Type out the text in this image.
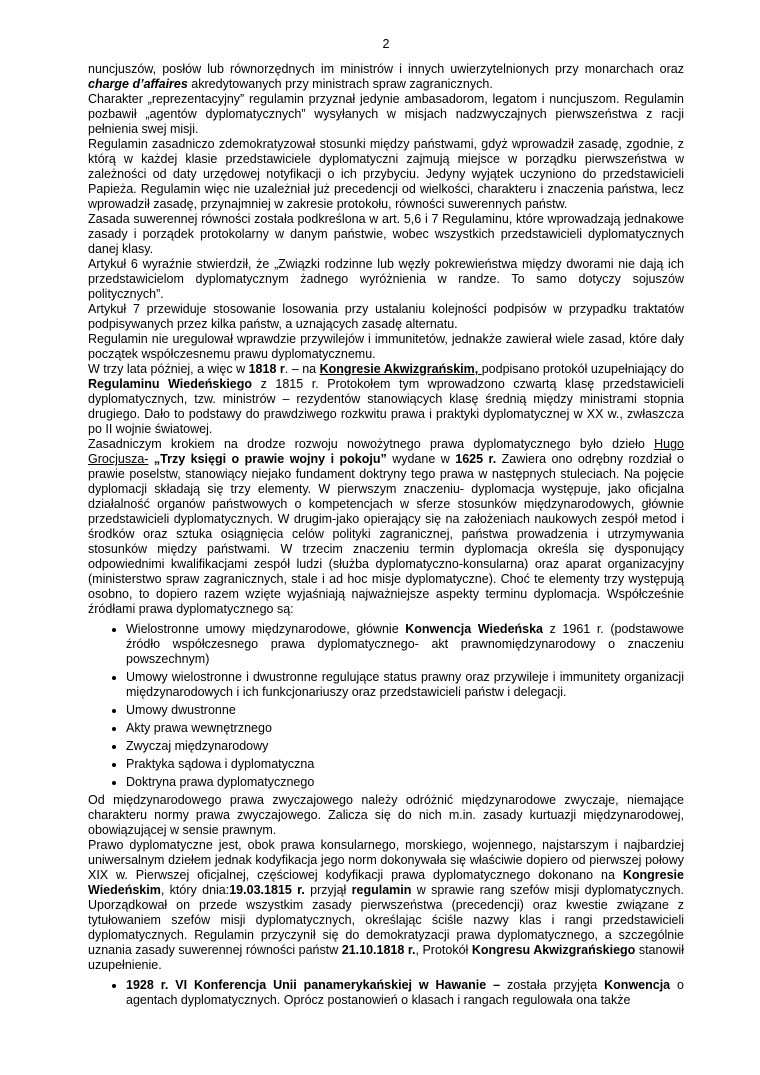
2

nuncjuszów, posłów lub równorzędnych im ministrów i innych uwierzytelnionych przy monarchach oraz charge d’affaires akredytowanych przy ministrach spraw zagranicznych.

Charakter „reprezentacyjny” regulamin przyznał jedynie ambasadorom, legatom i nuncjuszom. Regulamin pozbawił „agentów dyplomatycznych” wysyłanych w misjach nadzwyczajnych pierwszeństwa z racji pełnienia swej misji.

Regulamin zasadniczo zdemokratyzował stosunki między państwami, gdyż wprowadził zasadę, zgodnie, z którą w każdej klasie przedstawiciele dyplomatyczni zajmują miejsce w porządku pierwszeństwa w zależności od daty urzędowej notyfikacji o ich przybyciu. Jedyny wyjątek uczyniono do przedstawicieli Papieża. Regulamin więc nie uzależniał już precedencji od wielkości, charakteru i znaczenia państwa, lecz wprowadził zasadę, przynajmniej w zakresie protokołu, równości suwerennych państw.

Zasada suwerennej równości została podkreślona w art. 5,6 i 7 Regulaminu, które wprowadzają jednakowe zasady i porządek protokolarny w danym państwie, wobec wszystkich przedstawicieli dyplomatycznych danej klasy.

Artykuł 6 wyraźnie stwierdził, że „Związki rodzinne lub węzły pokrewieństwa między dworami nie dają ich przedstawicielom dyplomatycznym żadnego wyróżnienia w randze. To samo dotyczy sojuszów politycznych”.

Artykuł 7 przewiduje stosowanie losowania przy ustalaniu kolejności podpisów w przypadku traktatów podpisywanych przez kilka państw, a uznających zasadę alternatu.

Regulamin nie uregulował wprawdzie przywilejów i immunitetów, jednakże zawierał wiele zasad, które dały początek współczesnemu prawu dyplomatycznemu.

W trzy lata później, a więc w 1818 r. – na Kongresie Akwizgrańskim, podpisano protokół uzupełniający do Regulaminu Wiedeńskiego z 1815 r. Protokołem tym wprowadzono czwartą klasę przedstawicieli dyplomatycznych, tzw. ministrów – rezydentów stanowiących klasę średnią między ministrami stopnia drugiego. Dało to podstawy do prawdziwego rozkwitu prawa i praktyki dyplomatycznej w XX w., zwłaszcza po II wojnie światowej.

Zasadniczym krokiem na drodze rozwoju nowożytnego prawa dyplomatycznego było dzieło Hugo Grocjusza- „Trzy księgi o prawie wojny i pokoju” wydane w 1625 r. Zawiera ono odrębny rozdział o prawie poselstw, stanowiący niejako fundament doktryny tego prawa w następnych stuleciach. Na pojęcie dyplomacji składają się trzy elementy. W pierwszym znaczeniu- dyplomacja występuje, jako oficjalna działalność organów państwowych o kompetencjach w sferze stosunków międzynarodowych, głównie przedstawicieli dyplomatycznych. W drugim-jako opierający się na założeniach naukowych zespół metod i środków oraz sztuka osiągnięcia celów polityki zagranicznej, państwa prowadzenia i utrzymywania stosunków między państwami. W trzecim znaczeniu termin dyplomacja określa się dysponujący odpowiednimi kwalifikacjami zespół ludzi (służba dyplomatyczno-konsularna) oraz aparat organizacyjny (ministerstwo spraw zagranicznych, stale i ad hoc misje dyplomatyczne). Choć te elementy trzy występują osobno, to dopiero razem wzięte wyjaśniają najważniejsze aspekty terminu dyplomacja. Współcześnie źródłami prawa dyplomatycznego są:

• Wielostronne umowy międzynarodowe, głównie Konwencja Wiedeńska z 1961 r. (podstawowe źródło współczesnego prawa dyplomatycznego- akt prawnomiędzynarodowy o znaczeniu powszechnym)
• Umowy wielostronne i dwustronne regulujące status prawny oraz przywileje i immunitety organizacji międzynarodowych i ich funkcjonariuszy oraz przedstawicieli państw i delegacji.
• Umowy dwustronne
• Akty prawa wewnętrznego
• Zwyczaj międzynarodowy
• Praktyka sądowa i dyplomatyczna
• Doktryna prawa dyplomatycznego

Od międzynarodowego prawa zwyczajowego należy odróżnić międzynarodowe zwyczaje, niemające charakteru normy prawa zwyczajowego. Zalicza się do nich m.in. zasady kurtuazji międzynarodowej, obowiązującej w sensie prawnym.

Prawo dyplomatyczne jest, obok prawa konsularnego, morskiego, wojennego, najstarszym i najbardziej uniwersalnym dziełem jednak kodyfikacja jego norm dokonywała się właściwie dopiero od pierwszej połowy XIX w. Pierwszej oficjalnej, częściowej kodyfikacji prawa dyplomatycznego dokonano na Kongresie Wiedeńskim, który dnia:19.03.1815 r. przyjął regulamin w sprawie rang szefów misji dyplomatycznych. Uporządkował on przede wszystkim zasady pierwszeństwa (precedencji) oraz kwestie związane z tytułowaniem szefów misji dyplomatycznych, określając ściśle nazwy klas i rangi przedstawicieli dyplomatycznych. Regulamin przyczynił się do demokratyzacji prawa dyplomatycznego, a szczególnie uznania zasady suwerennej równości państw 21.10.1818 r., Protokół Kongresu Akwizgrańskiego stanowił uzupełnienie.

• 1928 r. VI Konferencja Unii panamerykańskiej w Hawanie – została przyjęta Konwencja o agentach dyplomatycznych. Oprócz postanowień o klasach i rangach regulowała ona także
